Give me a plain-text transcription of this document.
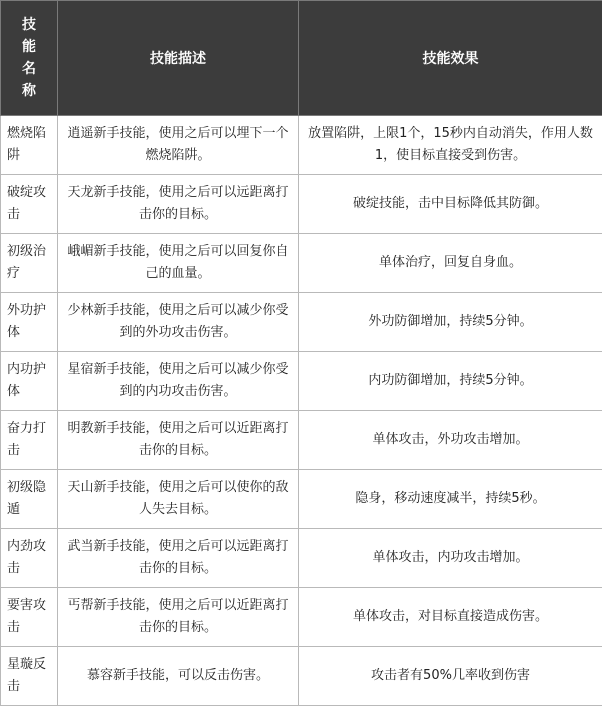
技
能
名
称	技能描述	技能效果
燃烧陷阱	逍遥新手技能，使用之后可以埋下一个燃烧陷阱。	放置陷阱，上限1个，15秒内自动消失，作用人数1，使目标直接受到伤害。
破绽攻击	天龙新手技能，使用之后可以远距离打击你的目标。	破绽技能，击中目标降低其防御。
初级治疗	峨嵋新手技能，使用之后可以回复你自己的血量。	单体治疗，回复自身血。
外功护体	少林新手技能，使用之后可以减少你受到的外功攻击伤害。	外功防御增加，持续5分钟。
内功护体	星宿新手技能，使用之后可以减少你受到的内功攻击伤害。	内功防御增加，持续5分钟。
奋力打击	明教新手技能，使用之后可以近距离打击你的目标。	单体攻击，外功攻击增加。
初级隐遁	天山新手技能，使用之后可以使你的敌人失去目标。	隐身，移动速度减半，持续5秒。
内劲攻击	武当新手技能，使用之后可以远距离打击你的目标。	单体攻击，内功攻击增加。
要害攻击	丐帮新手技能，使用之后可以近距离打击你的目标。	单体攻击，对目标直接造成伤害。
星璇反击	慕容新手技能，可以反击伤害。	攻击者有50%几率收到伤害
